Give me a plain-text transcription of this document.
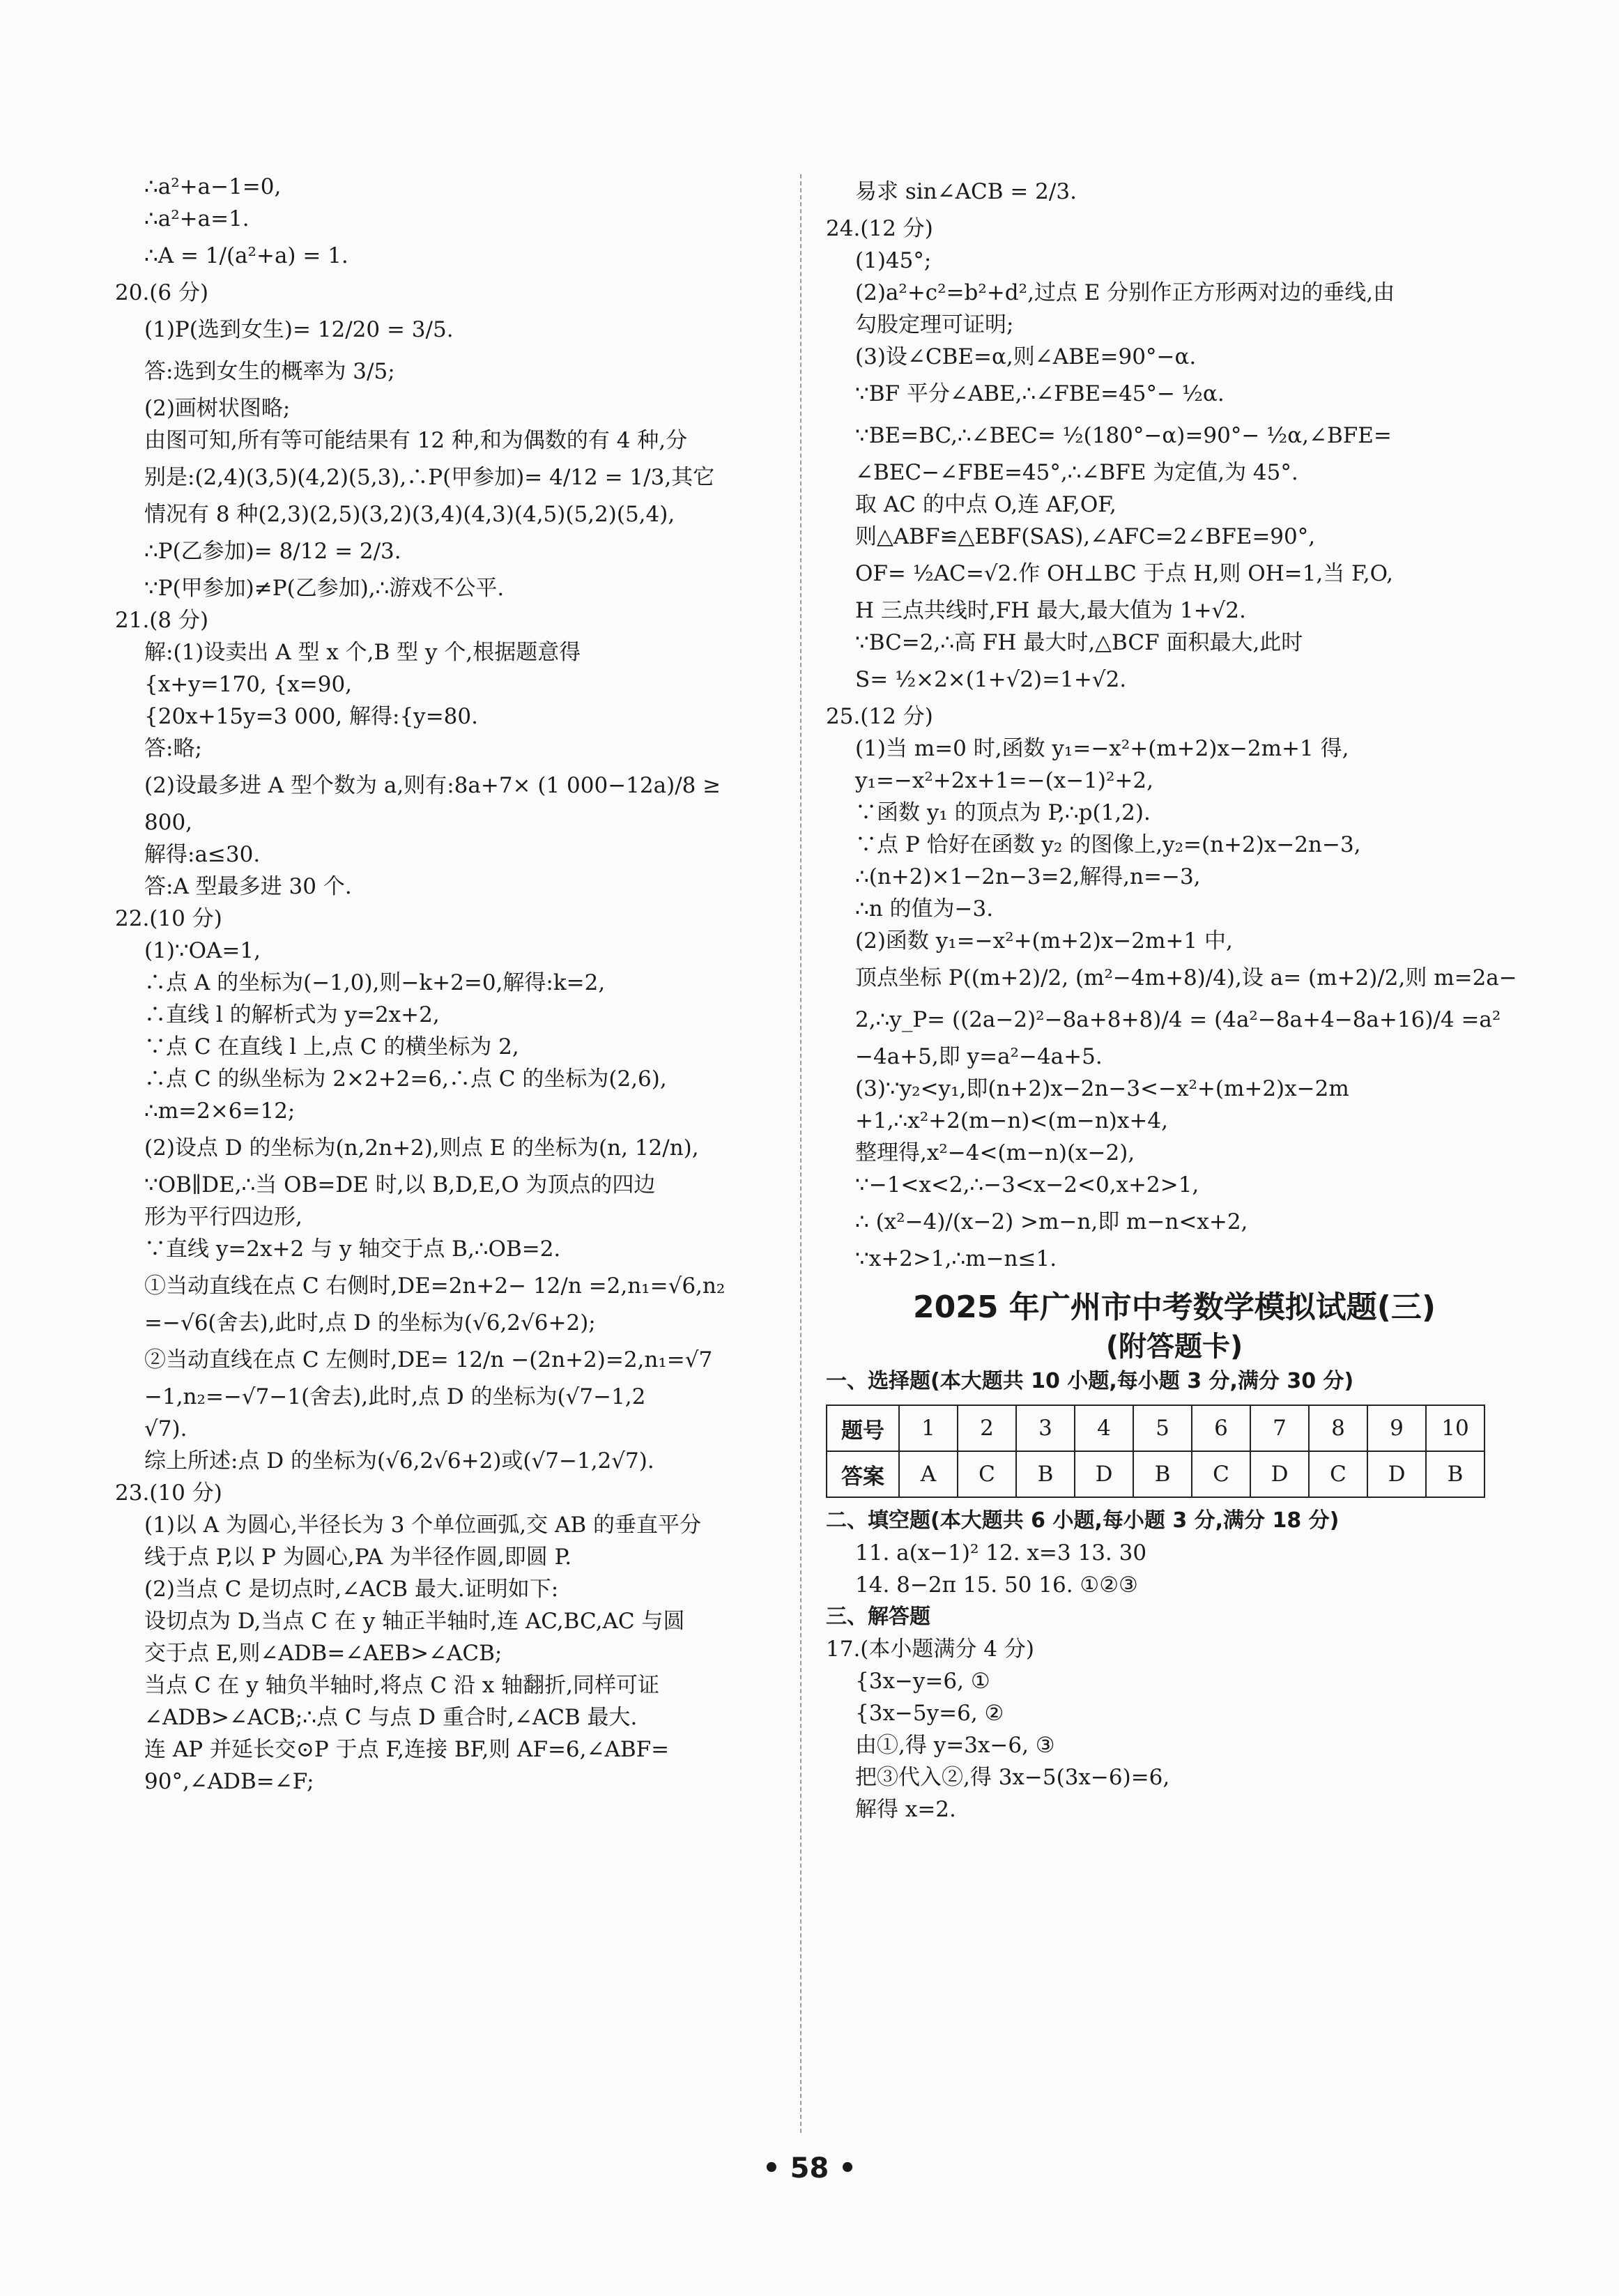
∴a²+a−1=0,
∴a²+a=1.
∴A = 1/(a²+a) = 1.
20.(6 分)
(1)P(选到女生)= 12/20 = 3/5.
答:选到女生的概率为 3/5;
(2)画树状图略;
由图可知,所有等可能结果有 12 种,和为偶数的有 4 种,分
别是:(2,4)(3,5)(4,2)(5,3),∴P(甲参加)= 4/12 = 1/3,其它
情况有 8 种(2,3)(2,5)(3,2)(3,4)(4,3)(4,5)(5,2)(5,4),
∴P(乙参加)= 8/12 = 2/3.
∵P(甲参加)≠P(乙参加),∴游戏不公平.
21.(8 分)
解:(1)设卖出 A 型 x 个,B 型 y 个,根据题意得
{x+y=170, {x=90,
{20x+15y=3 000, 解得:{y=80.
答:略;
(2)设最多进 A 型个数为 a,则有:8a+7× (1 000−12a)/8 ≥
800,
解得:a≤30.
答:A 型最多进 30 个.
22.(10 分)
(1)∵OA=1,
∴点 A 的坐标为(−1,0),则−k+2=0,解得:k=2,
∴直线 l 的解析式为 y=2x+2,
∵点 C 在直线 l 上,点 C 的横坐标为 2,
∴点 C 的纵坐标为 2×2+2=6,∴点 C 的坐标为(2,6),
∴m=2×6=12;
(2)设点 D 的坐标为(n,2n+2),则点 E 的坐标为(n, 12/n),
∵OB∥DE,∴当 OB=DE 时,以 B,D,E,O 为顶点的四边
形为平行四边形,
∵直线 y=2x+2 与 y 轴交于点 B,∴OB=2.
①当动直线在点 C 右侧时,DE=2n+2− 12/n =2,n₁=√6,n₂
=−√6(舍去),此时,点 D 的坐标为(√6,2√6+2);
②当动直线在点 C 左侧时,DE= 12/n −(2n+2)=2,n₁=√7
−1,n₂=−√7−1(舍去),此时,点 D 的坐标为(√7−1,2
√7).
综上所述:点 D 的坐标为(√6,2√6+2)或(√7−1,2√7).
23.(10 分)
(1)以 A 为圆心,半径长为 3 个单位画弧,交 AB 的垂直平分
线于点 P,以 P 为圆心,PA 为半径作圆,即圆 P.
(2)当点 C 是切点时,∠ACB 最大.证明如下:
设切点为 D,当点 C 在 y 轴正半轴时,连 AC,BC,AC 与圆
交于点 E,则∠ADB=∠AEB>∠ACB;
当点 C 在 y 轴负半轴时,将点 C 沿 x 轴翻折,同样可证
∠ADB>∠ACB;∴点 C 与点 D 重合时,∠ACB 最大.
连 AP 并延长交⊙P 于点 F,连接 BF,则 AF=6,∠ABF=
90°,∠ADB=∠F;
易求 sin∠ACB = 2/3.
24.(12 分)
(1)45°;
(2)a²+c²=b²+d²,过点 E 分别作正方形两对边的垂线,由
勾股定理可证明;
(3)设∠CBE=α,则∠ABE=90°−α.
∵BF 平分∠ABE,∴∠FBE=45°− ½α.
∵BE=BC,∴∠BEC= ½(180°−α)=90°− ½α,∠BFE=
∠BEC−∠FBE=45°,∴∠BFE 为定值,为 45°.
取 AC 的中点 O,连 AF,OF,
则△ABF≌△EBF(SAS),∠AFC=2∠BFE=90°,
OF= ½AC=√2.作 OH⊥BC 于点 H,则 OH=1,当 F,O,
H 三点共线时,FH 最大,最大值为 1+√2.
∵BC=2,∴高 FH 最大时,△BCF 面积最大,此时
S= ½×2×(1+√2)=1+√2.
25.(12 分)
(1)当 m=0 时,函数 y₁=−x²+(m+2)x−2m+1 得,
y₁=−x²+2x+1=−(x−1)²+2,
∵函数 y₁ 的顶点为 P,∴p(1,2).
∵点 P 恰好在函数 y₂ 的图像上,y₂=(n+2)x−2n−3,
∴(n+2)×1−2n−3=2,解得,n=−3,
∴n 的值为−3.
(2)函数 y₁=−x²+(m+2)x−2m+1 中,
顶点坐标 P((m+2)/2, (m²−4m+8)/4),设 a= (m+2)/2,则 m=2a−
2,∴y_P= ((2a−2)²−8a+8+8)/4 = (4a²−8a+4−8a+16)/4 =a²
−4a+5,即 y=a²−4a+5.
(3)∵y₂<y₁,即(n+2)x−2n−3<−x²+(m+2)x−2m
+1,∴x²+2(m−n)<(m−n)x+4,
整理得,x²−4<(m−n)(x−2),
∵−1<x<2,∴−3<x−2<0,x+2>1,
∴ (x²−4)/(x−2) >m−n,即 m−n<x+2,
∵x+2>1,∴m−n≤1.
2025 年广州市中考数学模拟试题(三)
(附答题卡)
一、选择题(本大题共 10 小题,每小题 3 分,满分 30 分)
题号	1	2	3	4	5	6	7	8	9	10
答案	A	C	B	D	B	C	D	C	D	B
二、填空题(本大题共 6 小题,每小题 3 分,满分 18 分)
11. a(x−1)² 12. x=3 13. 30
14. 8−2π 15. 50 16. ①②③
三、解答题
17.(本小题满分 4 分)
{3x−y=6, ①
{3x−5y=6, ②
由①,得 y=3x−6, ③
把③代入②,得 3x−5(3x−6)=6,
解得 x=2.
• 58 •
